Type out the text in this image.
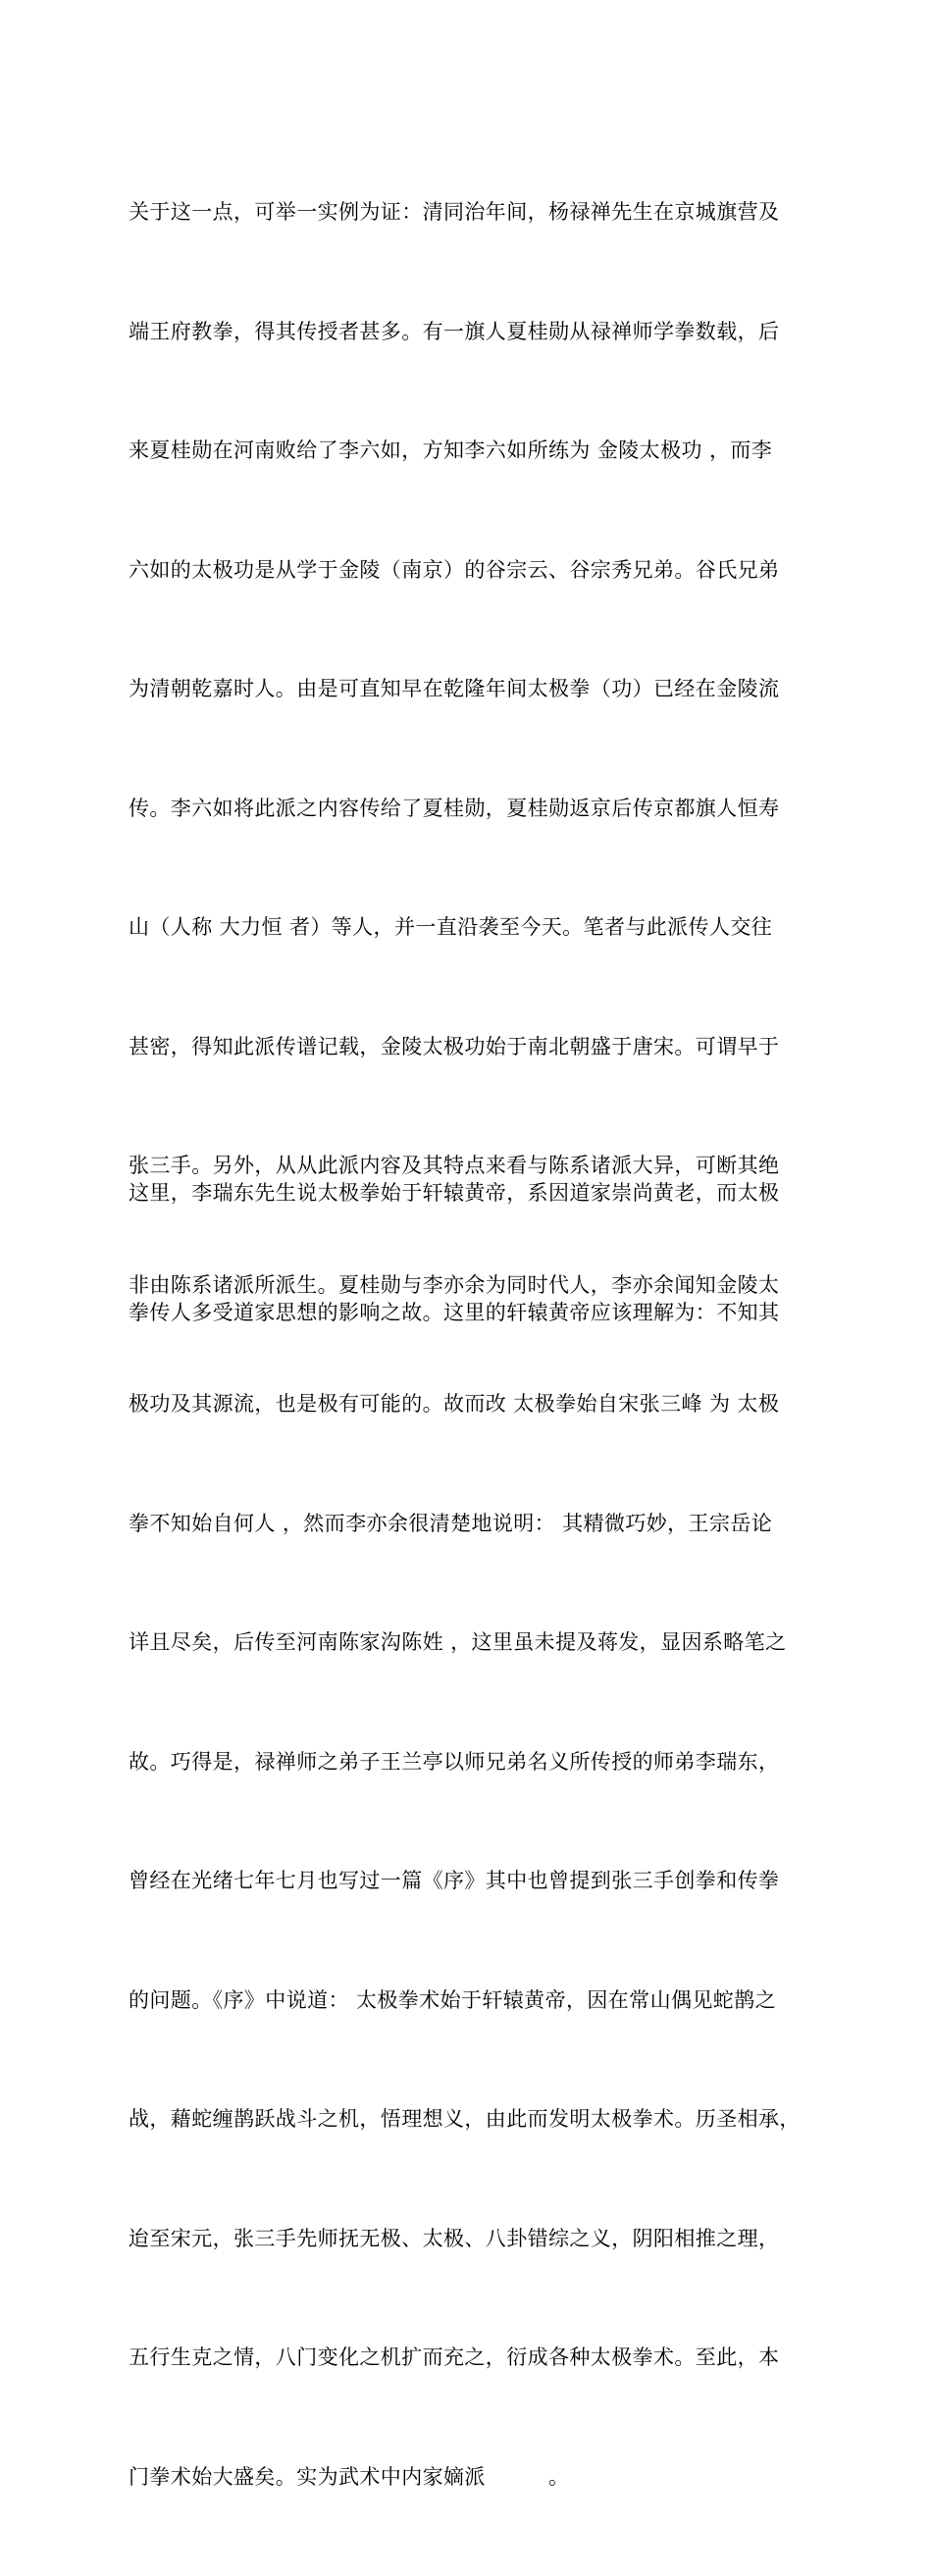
关于这一点，可举一实例为证：清同治年间，杨禄禅先生在京城旗营及

端王府教拳，得其传授者甚多。有一旗人夏桂勋从禄禅师学拳数载，后

来夏桂勋在河南败给了李六如，方知李六如所练为 金陵太极功 ，而李

六如的太极功是从学于金陵（南京）的谷宗云、谷宗秀兄弟。谷氏兄弟

为清朝乾嘉时人。由是可直知早在乾隆年间太极拳（功）已经在金陵流

传。李六如将此派之内容传给了夏桂勋，夏桂勋返京后传京都旗人恒寿

山（人称 大力恒 者）等人，并一直沿袭至今天。笔者与此派传人交往

甚密，得知此派传谱记载，金陵太极功始于南北朝盛于唐宋。可谓早于

张三手。另外，从从此派内容及其特点来看与陈系诸派大异，可断其绝

非由陈系诸派所派生。夏桂勋与李亦余为同时代人，李亦余闻知金陵太

极功及其源流，也是极有可能的。故而改 太极拳始自宋张三峰 为 太极

拳不知始自何人 ，然而李亦余很清楚地说明： 其精微巧妙，王宗岳论

详且尽矣，后传至河南陈家沟陈姓 ，这里虽未提及蒋发，显因系略笔之

故。巧得是，禄禅师之弟子王兰亭以师兄弟名义所传授的师弟李瑞东，

曾经在光绪七年七月也写过一篇《序》其中也曾提到张三手创拳和传拳

的问题。《序》中说道： 太极拳术始于轩辕黄帝，因在常山偶见蛇鹊之

战，藉蛇缠鹊跃战斗之机，悟理想义，由此而发明太极拳术。历圣相承，

迨至宋元，张三手先师抚无极、太极、八卦错综之义，阴阳相推之理，

五行生克之情，八门变化之机扩而充之，衍成各种太极拳术。至此，本

门拳术始大盛矣。实为武术中内家嫡派　　　。

这里，李瑞东先生说太极拳始于轩辕黄帝，系因道家崇尚黄老，而太极

拳传人多受道家思想的影响之故。这里的轩辕黄帝应该理解为：不知其
